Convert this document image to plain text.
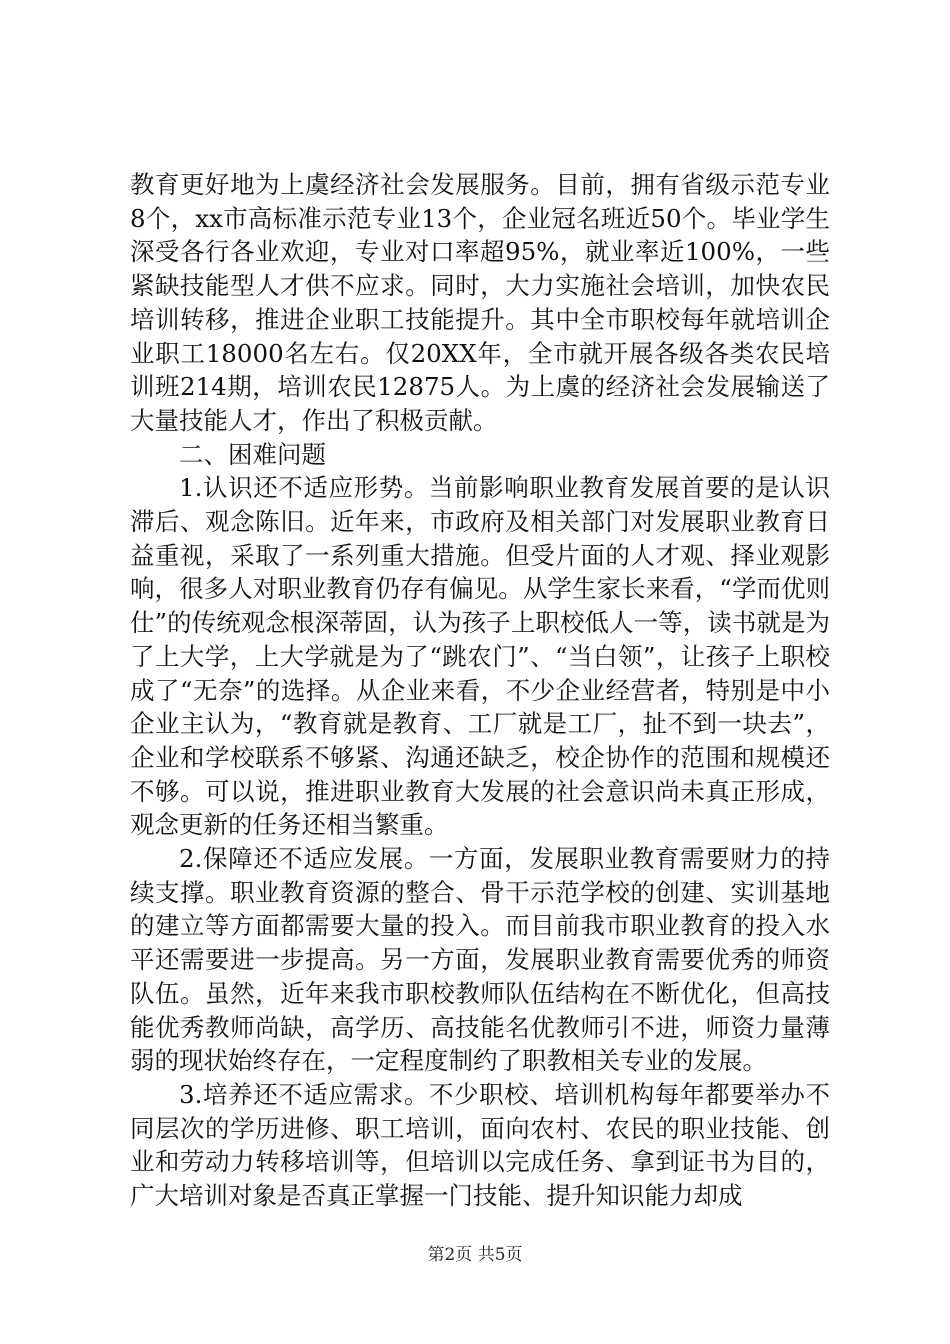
教育更好地为上虞经济社会发展服务。目前，拥有省级示范专业8个，xx市高标准示范专业13个，企业冠名班近50个。毕业学生深受各行各业欢迎，专业对口率超95%，就业率近100%，一些紧缺技能型人才供不应求。同时，大力实施社会培训，加快农民培训转移，推进企业职工技能提升。其中全市职校每年就培训企业职工18000名左右。仅20XX年，全市就开展各级各类农民培训班214期，培训农民12875人。为上虞的经济社会发展输送了大量技能人才，作出了积极贡献。

二、困难问题

1.认识还不适应形势。当前影响职业教育发展首要的是认识滞后、观念陈旧。近年来，市政府及相关部门对发展职业教育日益重视，采取了一系列重大措施。但受片面的人才观、择业观影响，很多人对职业教育仍存有偏见。从学生家长来看，“学而优则仕”的传统观念根深蒂固，认为孩子上职校低人一等，读书就是为了上大学，上大学就是为了“跳农门”、“当白领”，让孩子上职校成了“无奈”的选择。从企业来看，不少企业经营者，特别是中小企业主认为，“教育就是教育、工厂就是工厂，扯不到一块去”，企业和学校联系不够紧、沟通还缺乏，校企协作的范围和规模还不够。可以说，推进职业教育大发展的社会意识尚未真正形成，观念更新的任务还相当繁重。

2.保障还不适应发展。一方面，发展职业教育需要财力的持续支撑。职业教育资源的整合、骨干示范学校的创建、实训基地的建立等方面都需要大量的投入。而目前我市职业教育的投入水平还需要进一步提高。另一方面，发展职业教育需要优秀的师资队伍。虽然，近年来我市职校教师队伍结构在不断优化，但高技能优秀教师尚缺，高学历、高技能名优教师引不进，师资力量薄弱的现状始终存在，一定程度制约了职教相关专业的发展。

3.培养还不适应需求。不少职校、培训机构每年都要举办不同层次的学历进修、职工培训，面向农村、农民的职业技能、创业和劳动力转移培训等，但培训以完成任务、拿到证书为目的，广大培训对象是否真正掌握一门技能、提升知识能力却成

第2页 共5页
